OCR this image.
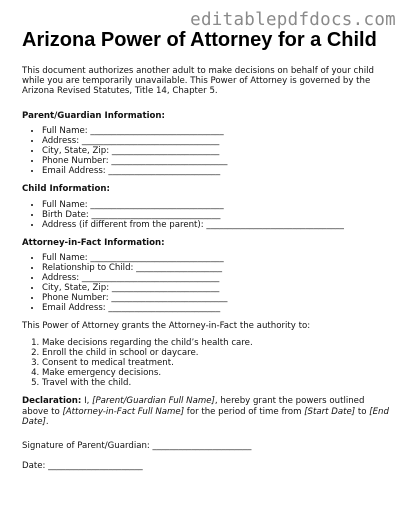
editablepdfdocs.com
Arizona Power of Attorney for a Child

This document authorizes another adult to make decisions on behalf of your child while you are temporarily unavailable. This Power of Attorney is governed by the Arizona Revised Statutes, Title 14, Chapter 5.

Parent/Guardian Information:
• Full Name: _______________________________
• Address: ________________________________
• City, State, Zip: _________________________
• Phone Number: ___________________________
• Email Address: __________________________
Child Information:
• Full Name: _______________________________
• Birth Date: ______________________________
• Address (if different from the parent): ________________________________
Attorney-in-Fact Information:
• Full Name: _______________________________
• Relationship to Child: ____________________
• Address: ________________________________
• City, State, Zip: _________________________
• Phone Number: ___________________________
• Email Address: __________________________

This Power of Attorney grants the Attorney-in-Fact the authority to:

1. Make decisions regarding the child’s health care.
2. Enroll the child in school or daycare.
3. Consent to medical treatment.
4. Make emergency decisions.
5. Travel with the child.

Declaration: I, [Parent/Guardian Full Name], hereby grant the powers outlined above to [Attorney-in-Fact Full Name] for the period of time from [Start Date] to [End Date].

Signature of Parent/Guardian: _______________________

Date: ______________________
